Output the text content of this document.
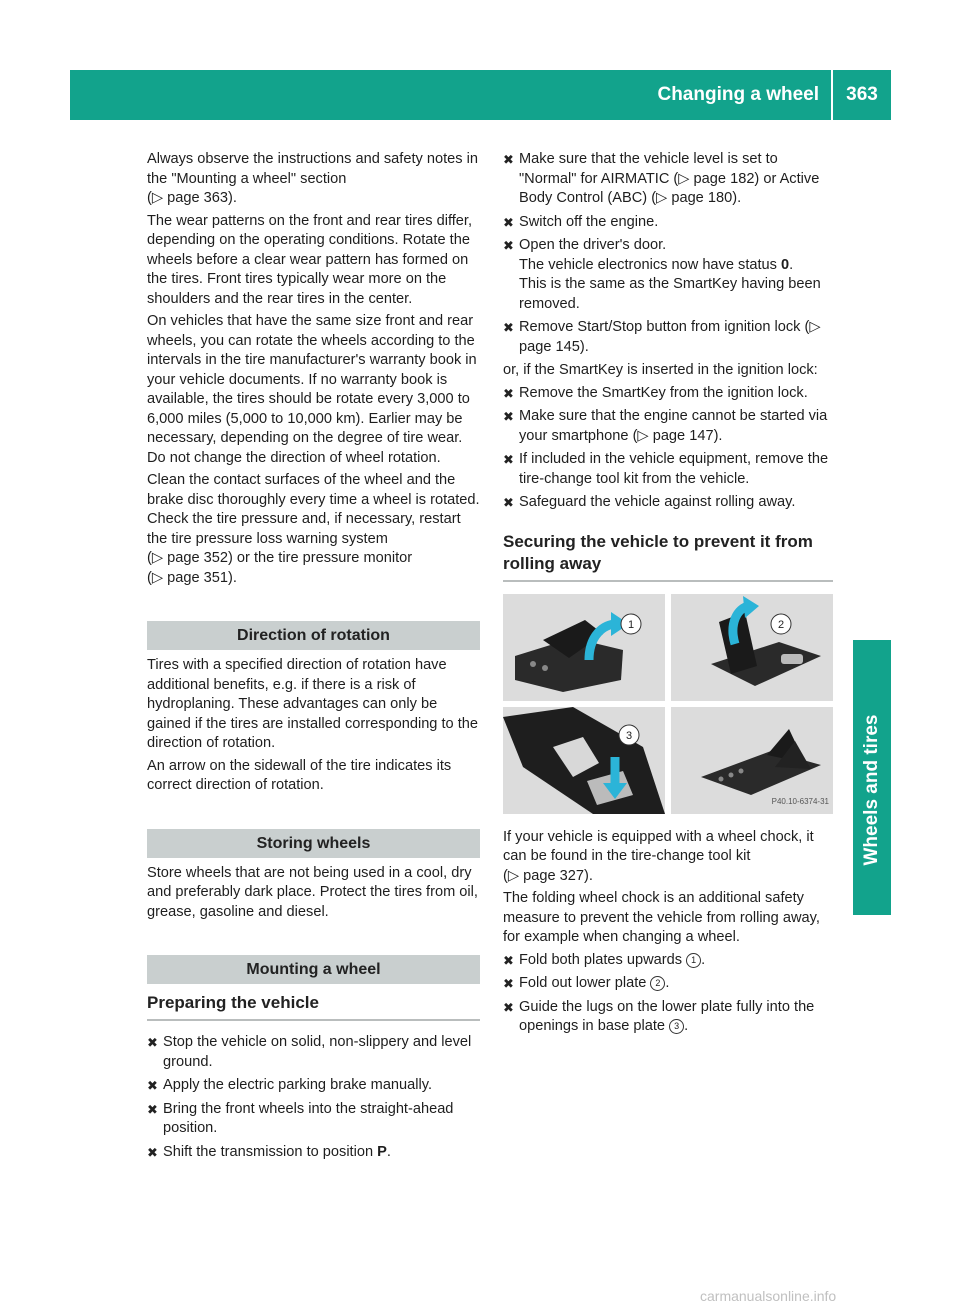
Changing a wheel	363
Wheels and tires

Always observe the instructions and safety notes in the "Mounting a wheel" section
(▷ page 363).

The wear patterns on the front and rear tires differ, depending on the operating conditions. Rotate the wheels before a clear wear pattern has formed on the tires. Front tires typically wear more on the shoulders and the rear tires in the center.

On vehicles that have the same size front and rear wheels, you can rotate the wheels according to the intervals in the tire manufacturer's warranty book in your vehicle documents. If no warranty book is available, the tires should be rotate every 3,000 to 6,000 miles (5,000 to 10,000 km). Earlier may be necessary, depending on the degree of tire wear. Do not change the direction of wheel rotation.

Clean the contact surfaces of the wheel and the brake disc thoroughly every time a wheel is rotated. Check the tire pressure and, if necessary, restart the tire pressure loss warning system
(▷ page 352) or the tire pressure monitor
(▷ page 351).

Direction of rotation

Tires with a specified direction of rotation have additional benefits, e.g. if there is a risk of hydroplaning. These advantages can only be gained if the tires are installed corresponding to the direction of rotation.

An arrow on the sidewall of the tire indicates its correct direction of rotation.

Storing wheels

Store wheels that are not being used in a cool, dry and preferably dark place. Protect the tires from oil, grease, gasoline and diesel.

Mounting a wheel
Preparing the vehicle
✖ Stop the vehicle on solid, non-slippery and level ground.
✖ Apply the electric parking brake manually.
✖ Bring the front wheels into the straight-ahead position.
✖ Shift the transmission to position P.
✖ Make sure that the vehicle level is set to "Normal" for AIRMATIC (▷ page 182) or Active Body Control (ABC) (▷ page 180).
✖ Switch off the engine.
✖ Open the driver's door.
The vehicle electronics now have status 0.
This is the same as the SmartKey having been removed.
✖ Remove Start/Stop button from ignition lock (▷ page 145).

or, if the SmartKey is inserted in the ignition lock:

✖ Remove the SmartKey from the ignition lock.
✖ Make sure that the engine cannot be started via your smartphone (▷ page 147).
✖ If included in the vehicle equipment, remove the tire-change tool kit from the vehicle.
✖ Safeguard the vehicle against rolling away.
Securing the vehicle to prevent it from rolling away
1	2
3
P40.10-6374-31

If your vehicle is equipped with a wheel chock, it can be found in the tire-change tool kit
(▷ page 327).

The folding wheel chock is an additional safety measure to prevent the vehicle from rolling away, for example when changing a wheel.

✖ Fold both plates upwards 1 .
✖ Fold out lower plate 2 .
✖ Guide the lugs on the lower plate fully into the openings in base plate 3 .
carmanualsonline.info
